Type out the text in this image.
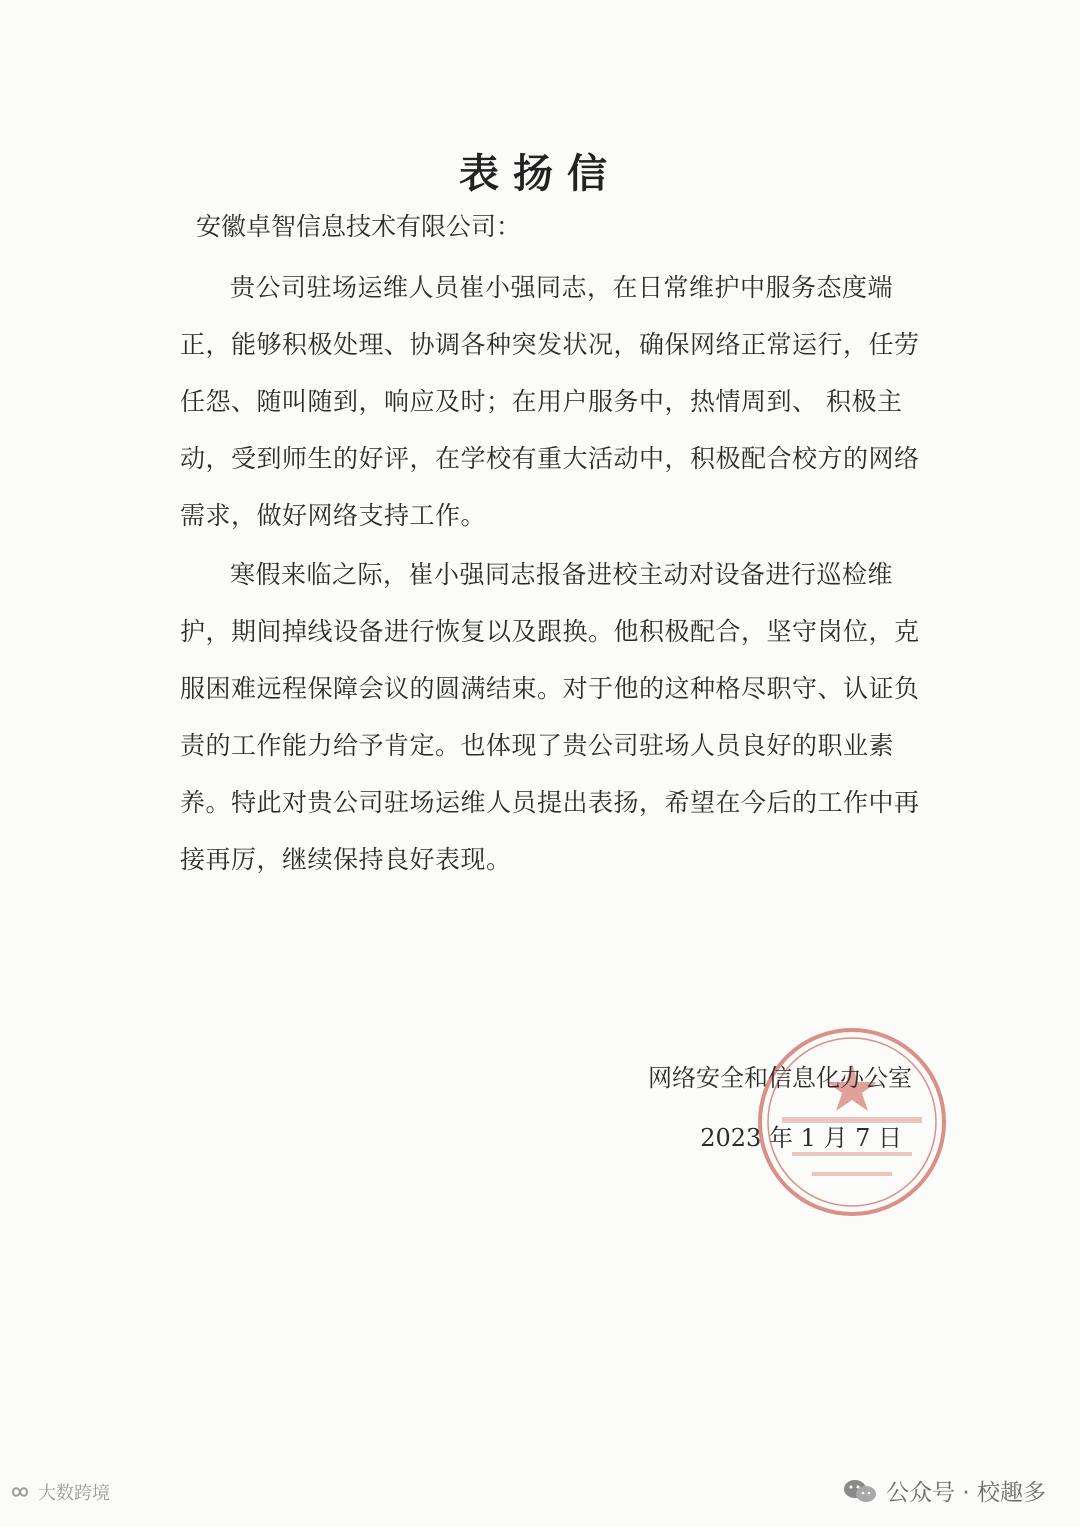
表扬信
安徽卓智信息技术有限公司：

贵公司驻场运维人员崔小强同志，在日常维护中服务态度端正，能够积极处理、协调各种突发状况，确保网络正常运行，任劳任怨、随叫随到，响应及时；在用户服务中，热情周到、 积极主动，受到师生的好评，在学校有重大活动中，积极配合校方的网络需求，做好网络支持工作。

寒假来临之际，崔小强同志报备进校主动对设备进行巡检维护，期间掉线设备进行恢复以及跟换。他积极配合，坚守岗位，克服困难远程保障会议的圆满结束。对于他的这种格尽职守、认证负责的工作能力给予肯定。也体现了贵公司驻场人员良好的职业素养。特此对贵公司驻场运维人员提出表扬，希望在今后的工作中再接再厉，继续保持良好表现。

网络安全和信息化办公室
2023 年 1 月 7 日
大数跨境	公众号 · 校趣多
